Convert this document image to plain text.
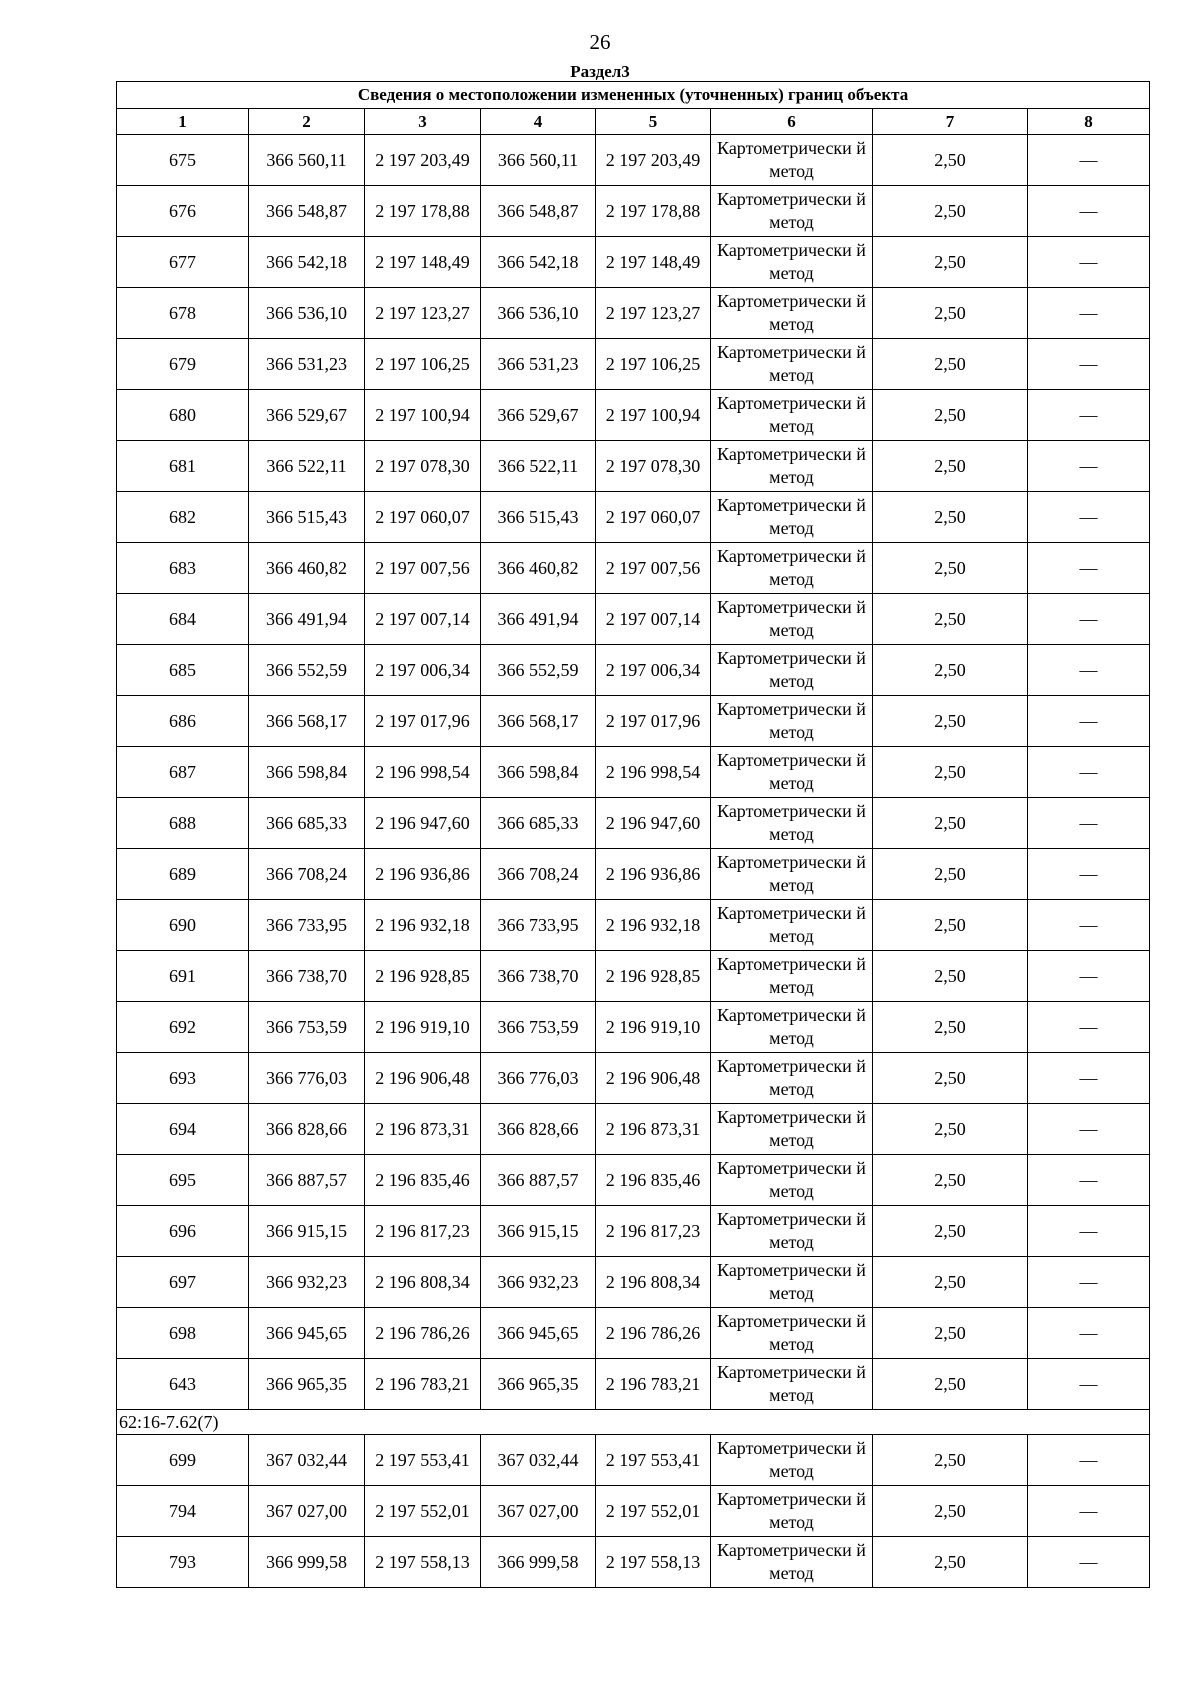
26
Раздел3
Сведения о местоположении измененных (уточненных) границ объекта							
1	2	3	4	5	6	7	8
675	366 560,11	2 197 203,49	366 560,11	2 197 203,49	Картометрически й метод	2,50	—
676	366 548,87	2 197 178,88	366 548,87	2 197 178,88	Картометрически й метод	2,50	—
677	366 542,18	2 197 148,49	366 542,18	2 197 148,49	Картометрически й метод	2,50	—
678	366 536,10	2 197 123,27	366 536,10	2 197 123,27	Картометрически й метод	2,50	—
679	366 531,23	2 197 106,25	366 531,23	2 197 106,25	Картометрически й метод	2,50	—
680	366 529,67	2 197 100,94	366 529,67	2 197 100,94	Картометрически й метод	2,50	—
681	366 522,11	2 197 078,30	366 522,11	2 197 078,30	Картометрически й метод	2,50	—
682	366 515,43	2 197 060,07	366 515,43	2 197 060,07	Картометрически й метод	2,50	—
683	366 460,82	2 197 007,56	366 460,82	2 197 007,56	Картометрически й метод	2,50	—
684	366 491,94	2 197 007,14	366 491,94	2 197 007,14	Картометрически й метод	2,50	—
685	366 552,59	2 197 006,34	366 552,59	2 197 006,34	Картометрически й метод	2,50	—
686	366 568,17	2 197 017,96	366 568,17	2 197 017,96	Картометрически й метод	2,50	—
687	366 598,84	2 196 998,54	366 598,84	2 196 998,54	Картометрически й метод	2,50	—
688	366 685,33	2 196 947,60	366 685,33	2 196 947,60	Картометрически й метод	2,50	—
689	366 708,24	2 196 936,86	366 708,24	2 196 936,86	Картометрически й метод	2,50	—
690	366 733,95	2 196 932,18	366 733,95	2 196 932,18	Картометрически й метод	2,50	—
691	366 738,70	2 196 928,85	366 738,70	2 196 928,85	Картометрически й метод	2,50	—
692	366 753,59	2 196 919,10	366 753,59	2 196 919,10	Картометрически й метод	2,50	—
693	366 776,03	2 196 906,48	366 776,03	2 196 906,48	Картометрически й метод	2,50	—
694	366 828,66	2 196 873,31	366 828,66	2 196 873,31	Картометрически й метод	2,50	—
695	366 887,57	2 196 835,46	366 887,57	2 196 835,46	Картометрически й метод	2,50	—
696	366 915,15	2 196 817,23	366 915,15	2 196 817,23	Картометрически й метод	2,50	—
697	366 932,23	2 196 808,34	366 932,23	2 196 808,34	Картометрически й метод	2,50	—
698	366 945,65	2 196 786,26	366 945,65	2 196 786,26	Картометрически й метод	2,50	—
643	366 965,35	2 196 783,21	366 965,35	2 196 783,21	Картометрически й метод	2,50	—
62:16-7.62(7)							
699	367 032,44	2 197 553,41	367 032,44	2 197 553,41	Картометрически й метод	2,50	—
794	367 027,00	2 197 552,01	367 027,00	2 197 552,01	Картометрически й метод	2,50	—
793	366 999,58	2 197 558,13	366 999,58	2 197 558,13	Картометрически й метод	2,50	—
